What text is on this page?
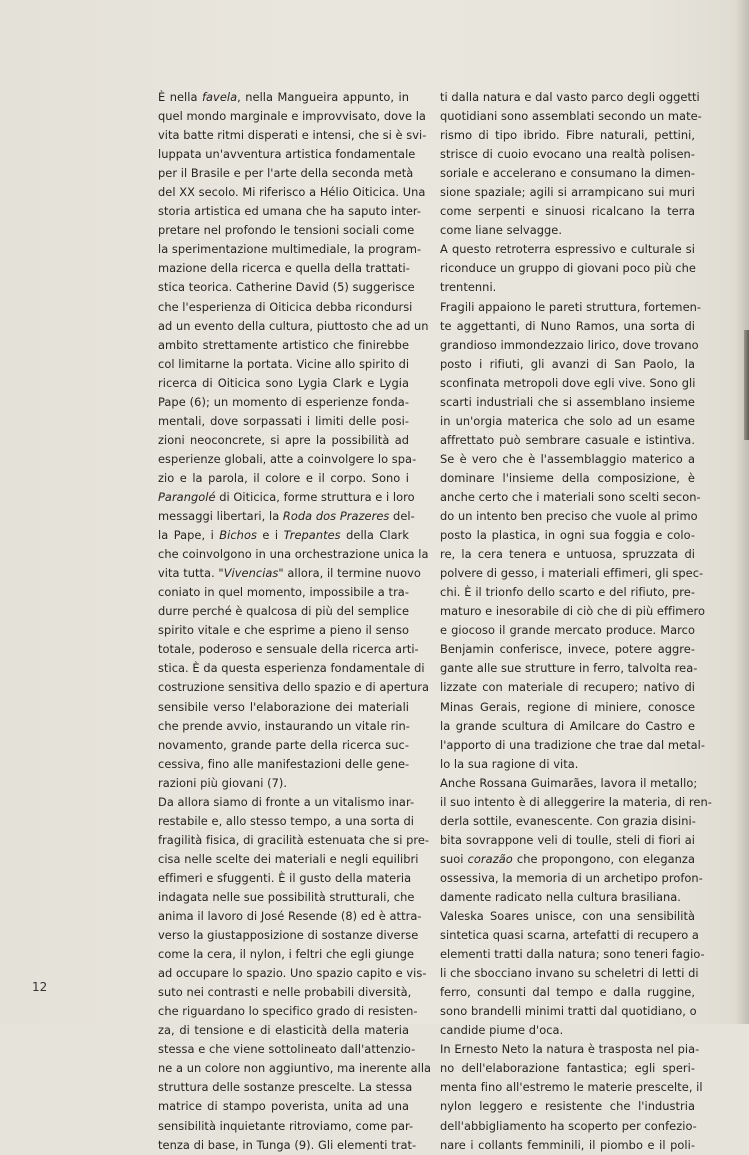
È nella favela, nella Mangueira appunto, in
quel mondo marginale e improvvisato, dove la
vita batte ritmi disperati e intensi, che si è svi-
luppata un'avventura artistica fondamentale
per il Brasile e per l'arte della seconda metà
del XX secolo. Mi riferisco a Hélio Oiticica. Una
storia artistica ed umana che ha saputo inter-
pretare nel profondo le tensioni sociali come
la sperimentazione multimediale, la program-
mazione della ricerca e quella della trattati-
stica teorica. Catherine David (5) suggerisce
che l'esperienza di Oiticica debba ricondursi
ad un evento della cultura, piuttosto che ad un
ambito strettamente artistico che finirebbe
col limitarne la portata. Vicine allo spirito di
ricerca di Oiticica sono Lygia Clark e Lygia
Pape (6); un momento di esperienze fonda-
mentali, dove sorpassati i limiti delle posi-
zioni neoconcrete, si apre la possibilità ad
esperienze globali, atte a coinvolgere lo spa-
zio e la parola, il colore e il corpo. Sono i
Parangolé di Oiticica, forme struttura e i loro
messaggi libertari, la Roda dos Prazeres del-
la Pape, i Bichos e i Trepantes della Clark
che coinvolgono in una orchestrazione unica la
vita tutta. "Vivencias" allora, il termine nuovo
coniato in quel momento, impossibile a tra-
durre perché è qualcosa di più del semplice
spirito vitale e che esprime a pieno il senso
totale, poderoso e sensuale della ricerca arti-
stica. È da questa esperienza fondamentale di
costruzione sensitiva dello spazio e di apertura
sensibile verso l'elaborazione dei materiali
che prende avvio, instaurando un vitale rin-
novamento, grande parte della ricerca suc-
cessiva, fino alle manifestazioni delle gene-
razioni più giovani (7).
Da allora siamo di fronte a un vitalismo inar-
restabile e, allo stesso tempo, a una sorta di
fragilità fisica, di gracilità estenuata che si pre-
cisa nelle scelte dei materiali e negli equilibri
effimeri e sfuggenti. È il gusto della materia
indagata nelle sue possibilità strutturali, che
anima il lavoro di José Resende (8) ed è attra-
verso la giustapposizione di sostanze diverse
come la cera, il nylon, i feltri che egli giunge
ad occupare lo spazio. Uno spazio capito e vis-
suto nei contrasti e nelle probabili diversità,
che riguardano lo specifico grado di resisten-
za, di tensione e di elasticità della materia
stessa e che viene sottolineato dall'attenzio-
ne a un colore non aggiuntivo, ma inerente alla
struttura delle sostanze prescelte. La stessa
matrice di stampo poverista, unita ad una
sensibilità inquietante ritroviamo, come par-
tenza di base, in Tunga (9). Gli elementi trat-
ti dalla natura e dal vasto parco degli oggetti
quotidiani sono assemblati secondo un mate-
rismo di tipo ibrido. Fibre naturali, pettini,
strisce di cuoio evocano una realtà polisen-
soriale e accelerano e consumano la dimen-
sione spaziale; agili si arrampicano sui muri
come serpenti e sinuosi ricalcano la terra
come liane selvagge.
A questo retroterra espressivo e culturale si
riconduce un gruppo di giovani poco più che
trentenni.
Fragili appaiono le pareti struttura, fortemen-
te aggettanti, di Nuno Ramos, una sorta di
grandioso immondezzaio lirico, dove trovano
posto i rifiuti, gli avanzi di San Paolo, la
sconfinata metropoli dove egli vive. Sono gli
scarti industriali che si assemblano insieme
in un'orgia materica che solo ad un esame
affrettato può sembrare casuale e istintiva.
Se è vero che è l'assemblaggio materico a
dominare l'insieme della composizione, è
anche certo che i materiali sono scelti secon-
do un intento ben preciso che vuole al primo
posto la plastica, in ogni sua foggia e colo-
re, la cera tenera e untuosa, spruzzata di
polvere di gesso, i materiali effimeri, gli spec-
chi. È il trionfo dello scarto e del rifiuto, pre-
maturo e inesorabile di ciò che di più effimero
e giocoso il grande mercato produce. Marco
Benjamin conferisce, invece, potere aggre-
gante alle sue strutture in ferro, talvolta rea-
lizzate con materiale di recupero; nativo di
Minas Gerais, regione di miniere, conosce
la grande scultura di Amilcare do Castro e
l'apporto di una tradizione che trae dal metal-
lo la sua ragione di vita.
Anche Rossana Guimarães, lavora il metallo;
il suo intento è di alleggerire la materia, di ren-
derla sottile, evanescente. Con grazia disini-
bita sovrappone veli di toulle, steli di fiori ai
suoi corazão che propongono, con eleganza
ossessiva, la memoria di un archetipo profon-
damente radicato nella cultura brasiliana.
Valeska Soares unisce, con una sensibilità
sintetica quasi scarna, artefatti di recupero a
elementi tratti dalla natura; sono teneri fagio-
li che sbocciano invano su scheletri di letti di
ferro, consunti dal tempo e dalla ruggine,
sono brandelli minimi tratti dal quotidiano, o
candide piume d'oca.
In Ernesto Neto la natura è trasposta nel pia-
no dell'elaborazione fantastica; egli speri-
menta fino all'estremo le materie prescelte, il
nylon leggero e resistente che l'industria
dell'abbigliamento ha scoperto per confezio-
nare i collants femminili, il piombo e il poli-
12
